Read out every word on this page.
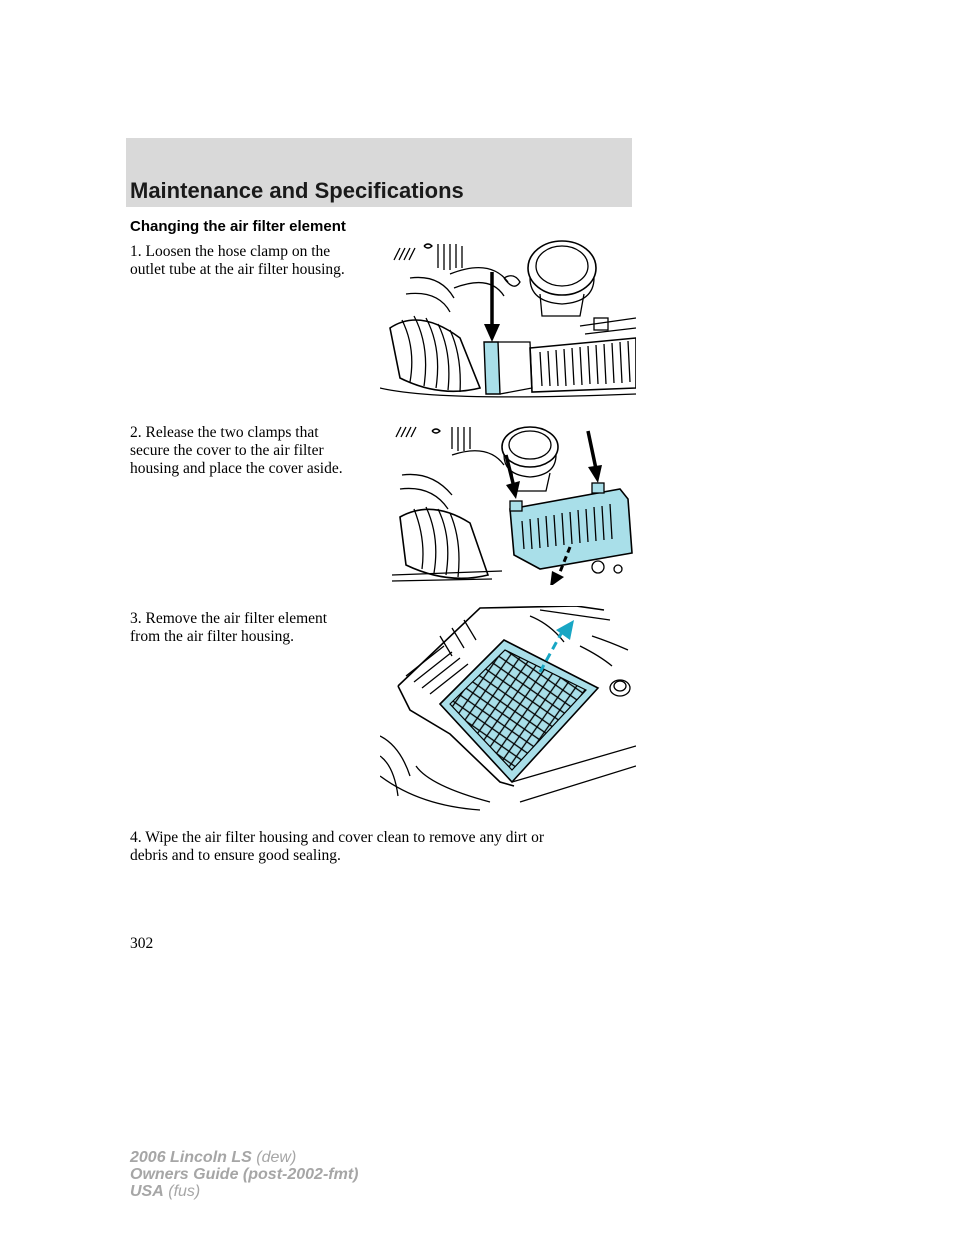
Maintenance and Specifications
Changing the air filter element
1. Loosen the hose clamp on the
outlet tube at the air filter housing.
2. Release the two clamps that
secure the cover to the air filter
housing and place the cover aside.
3. Remove the air filter element
from the air filter housing.
4. Wipe the air filter housing and cover clean to remove any dirt or
debris and to ensure good sealing.
302
2006 Lincoln LS (dew)
Owners Guide (post-2002-fmt)
USA (fus)
